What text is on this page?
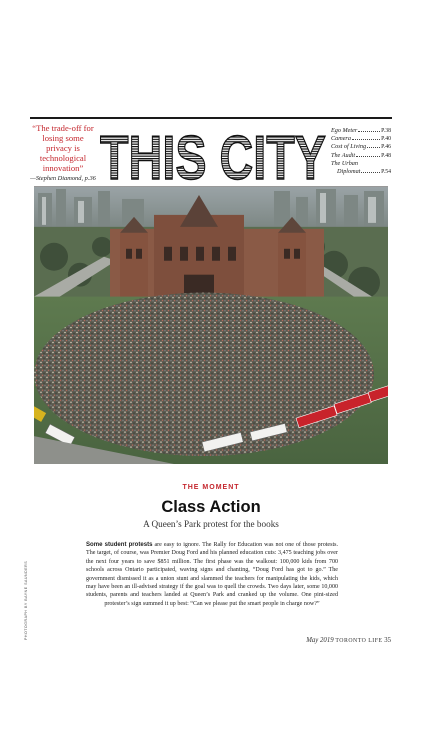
“The trade-off for losing some privacy is technological innovation”
—Stephen Diamond, p.36 THIS CITY Ego Meter	P.38
Camera	P.40
Cost of Living	P.46
The Audit	P.48
The Urban
Diplomat	P.54
PHOTOGRAPH BY BAYNE SAUNDERS
THE MOMENT
Class Action
A Queen’s Park protest for the books
Some student protests are easy to ignore. The Rally for Education was not one of those protests. The target, of course, was Premier Doug Ford and his planned education cuts: 3,475 teaching jobs over the next four years to save $851 million. The first phase was the walkout: 100,000 kids from 700 schools across Ontario participated, waving signs and chanting, “Doug Ford has got to go.” The government dismissed it as a union stunt and slammed the teachers for manipulating the kids, which may have been an ill-advised strategy if the goal was to quell the crowds. Two days later, some 10,000 students, parents and teachers landed at Queen’s Park and cranked up the volume. One pint-sized protester’s sign summed it up best: “Can we please put the smart people in charge now?”
May 2019 TORONTO LIFE 35
